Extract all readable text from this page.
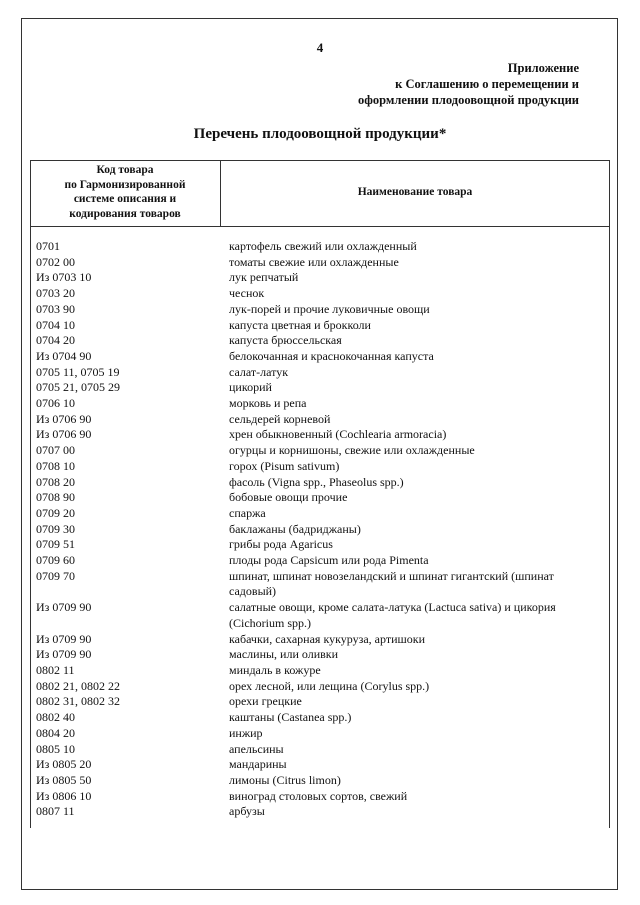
4
Приложение
к Соглашению о перемещении и
оформлении плодоовощной продукции
Перечень плодоовощной продукции*
Код товара
по Гармонизированной
системе описания и
кодирования товаров
Наименование товара
0701	картофель свежий или охлажденный
0702 00	томаты свежие или охлажденные
Из 0703 10	лук репчатый
0703 20	чеснок
0703 90	лук-порей и прочие луковичные овощи
0704 10	капуста цветная и брокколи
0704 20	капуста брюссельская
Из 0704 90	белокочанная и краснокочанная капуста
0705 11, 0705 19	салат-латук
0705 21, 0705 29	цикорий
0706 10	морковь и репа
Из 0706 90	сельдерей корневой
Из 0706 90	хрен обыкновенный (Cochlearia armoracia)
0707 00	огурцы и корнишоны, свежие или охлажденные
0708 10	горох (Pisum sativum)
0708 20	фасоль (Vigna spp., Phaseolus spp.)
0708 90	бобовые овощи прочие
0709 20	спаржа
0709 30	баклажаны (бадриджаны)
0709 51	грибы рода Agaricus
0709 60	плоды рода Capsicum или рода Pimenta
0709 70	шпинат, шпинат новозеландский и шпинат гигантский (шпинат садовый)
Из 0709 90	салатные овощи, кроме салата-латука (Lactuca sativa) и цикория (Cichorium spp.)
Из 0709 90	кабачки, сахарная кукуруза, артишоки
Из 0709 90	маслины, или оливки
0802 11	миндаль в кожуре
0802 21, 0802 22	орех лесной, или лещина (Corylus spp.)
0802 31, 0802 32	орехи грецкие
0802 40	каштаны (Castanea spp.)
0804 20	инжир
0805 10	апельсины
Из 0805 20	мандарины
Из 0805 50	лимоны (Citrus limon)
Из 0806 10	виноград столовых сортов, свежий
0807 11	арбузы
